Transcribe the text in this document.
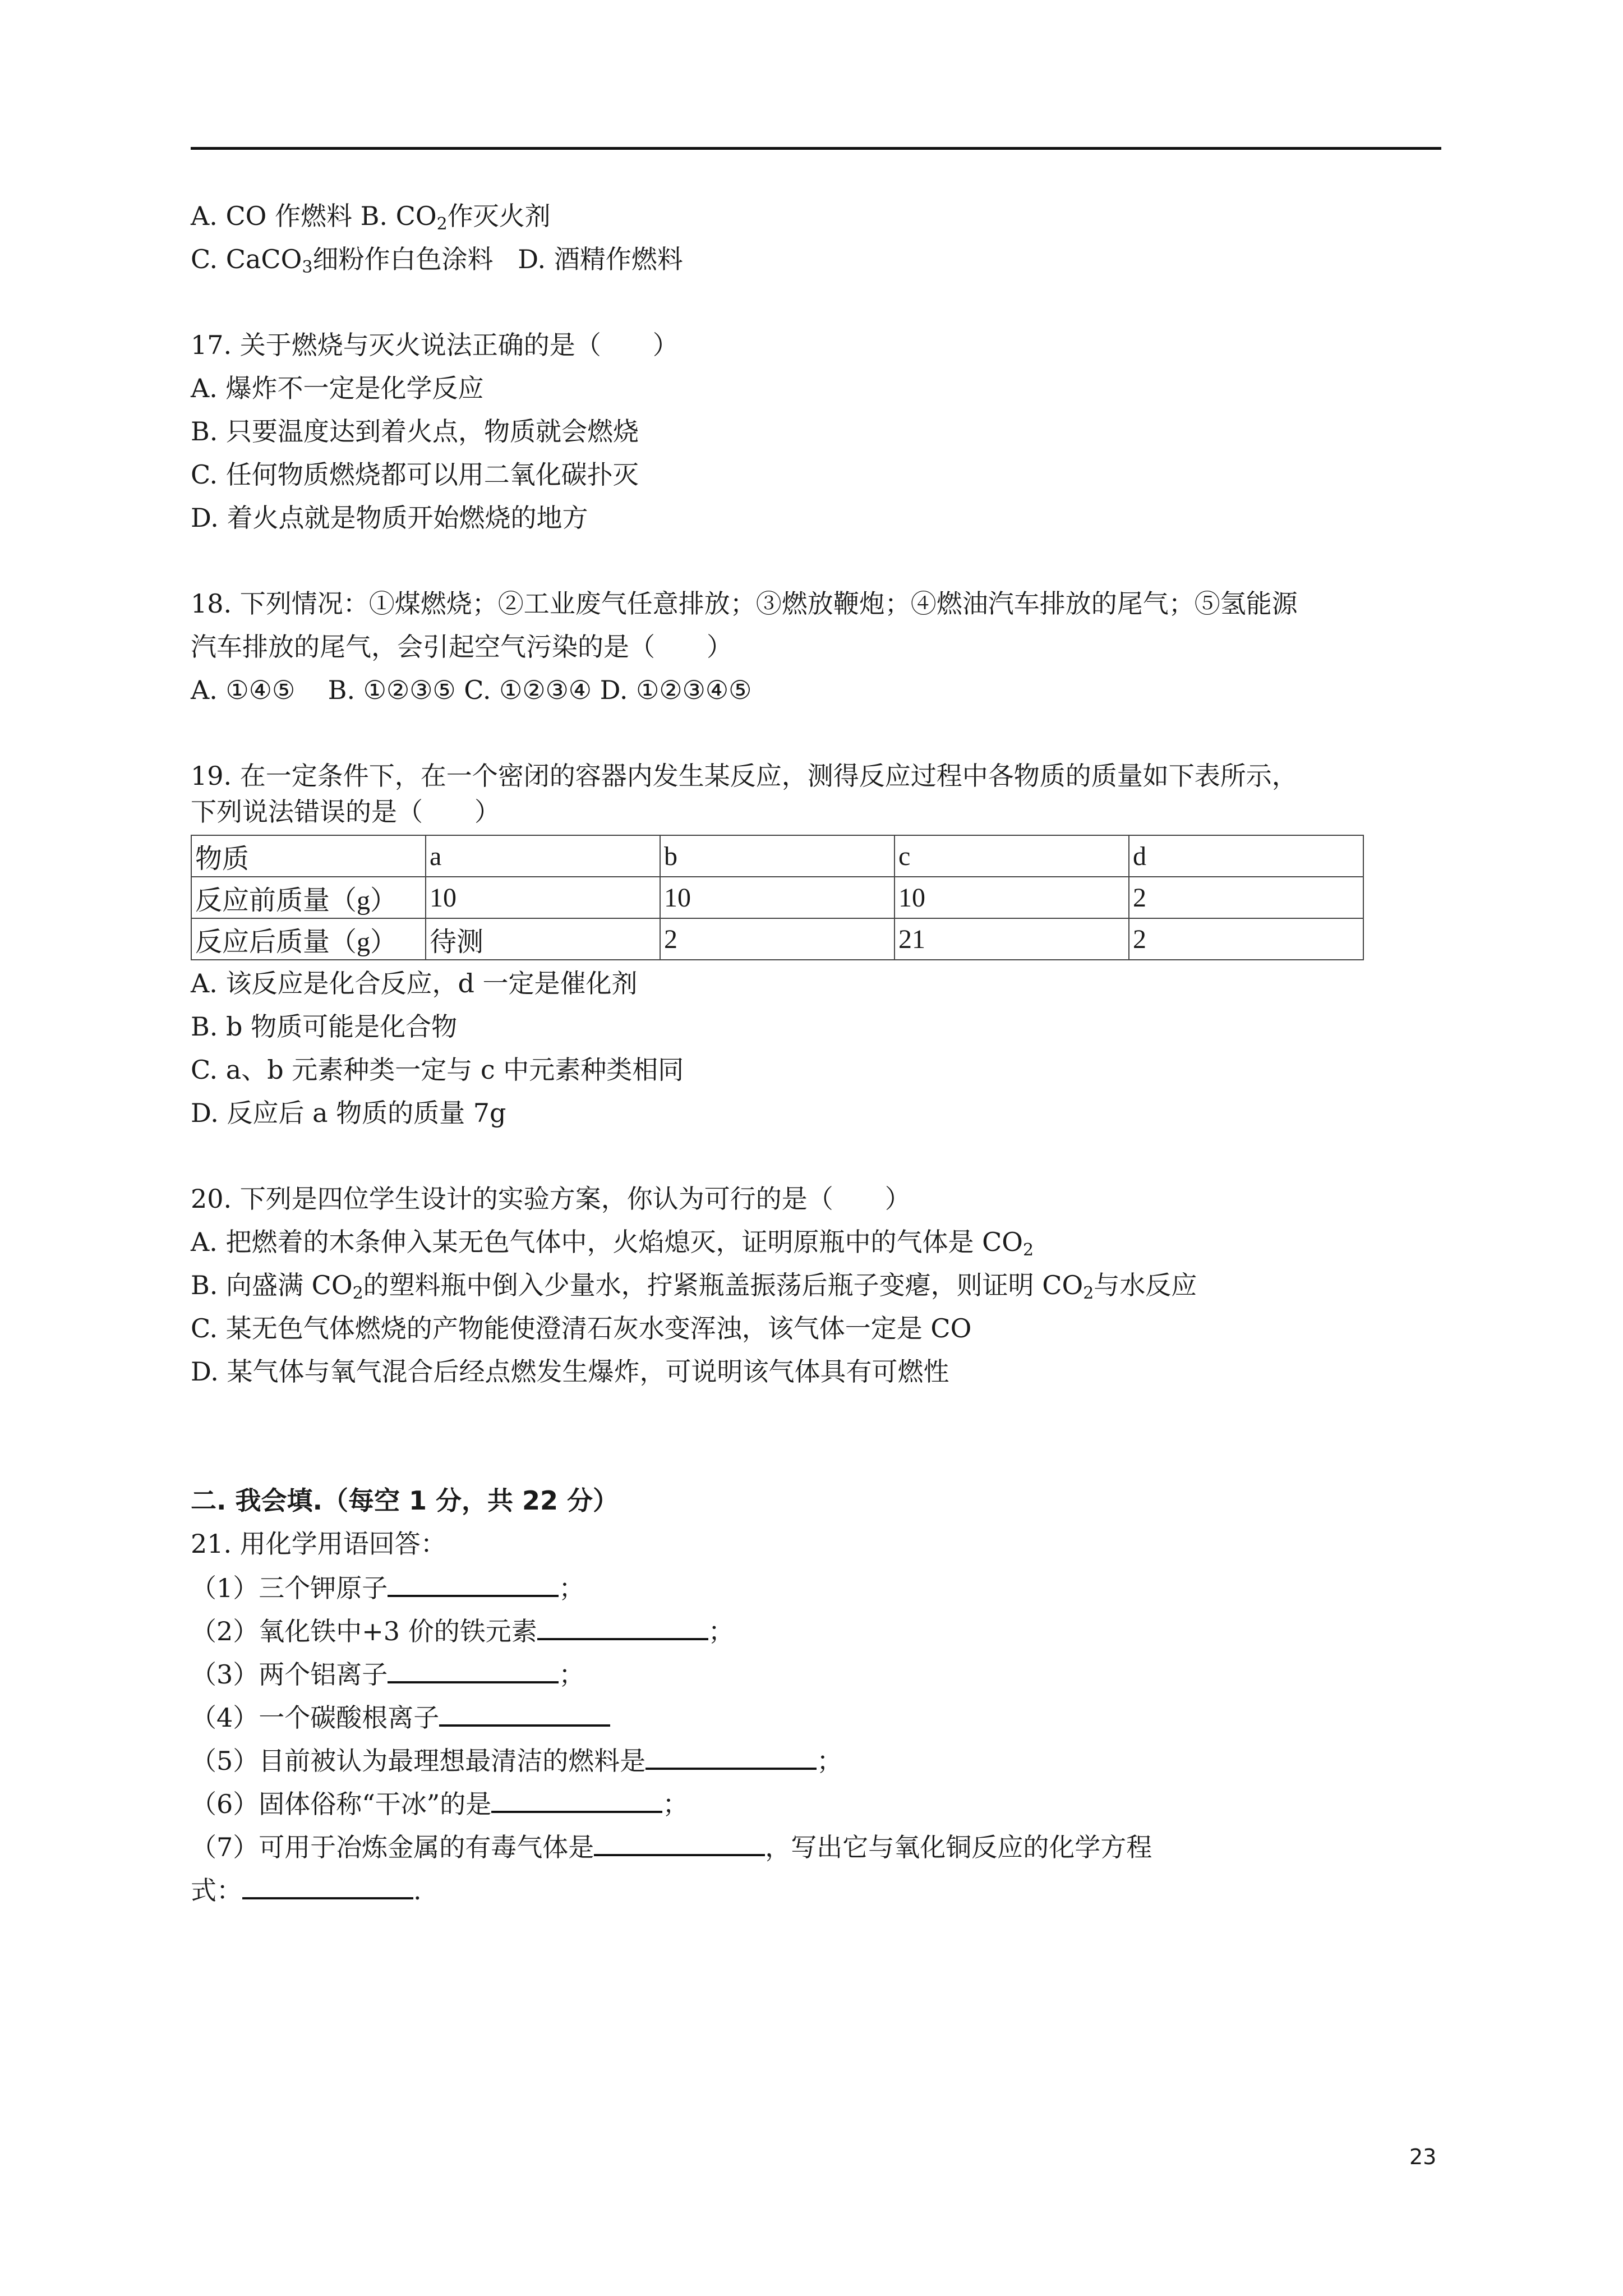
A. CO 作燃料 B. $CO_2$作灭火剂
C. CaCO$_3$细粉作白色涂料   D. 酒精作燃料
17. 关于燃烧与灭火说法正确的是（　　）
A. 爆炸不一定是化学反应
B. 只要温度达到着火点，物质就会燃烧
C. 任何物质燃烧都可以用二氧化碳扑灭
D. 着火点就是物质开始燃烧的地方
18. 下列情况：①煤燃烧；②工业废气任意排放；③燃放鞭炮；④燃油汽车排放的尾气；⑤氢能源
汽车排放的尾气，会引起空气污染的是（　　）
A. ①④⑤    B. ①②③⑤ C. ①②③④ D. ①②③④⑤
19. 在一定条件下，在一个密闭的容器内发生某反应，测得反应过程中各物质的质量如下表所示，
下列说法错误的是（　　）
物质	a	b	c	d
反应前质量（g）	10	10	10	2
反应后质量（g）	待测	2	21	2
A. 该反应是化合反应，d 一定是催化剂
B. b 物质可能是化合物
C. a、b 元素种类一定与 c 中元素种类相同
D. 反应后 a 物质的质量 7g
20. 下列是四位学生设计的实验方案，你认为可行的是（　　）
A. 把燃着的木条伸入某无色气体中，火焰熄灭，证明原瓶中的气体是 $CO_2$
B. 向盛满 $CO_2$的塑料瓶中倒入少量水，拧紧瓶盖振荡后瓶子变瘪，则证明 $CO_2$与水反应
C. 某无色气体燃烧的产物能使澄清石灰水变浑浊，该气体一定是 CO
D. 某气体与氧气混合后经点燃发生爆炸，可说明该气体具有可燃性
二. 我会填.（每空 1 分，共 22 分）
21. 用化学用语回答：
（1）三个钾原子	；
（2）氧化铁中+3 价的铁元素	；
（3）两个铝离子	；
（4）一个碳酸根离子
（5）目前被认为最理想最清洁的燃料是	；
（6）固体俗称“干冰”的是	；
（7）可用于冶炼金属的有毒气体是	，写出它与氧化铜反应的化学方程
式：	.
23
